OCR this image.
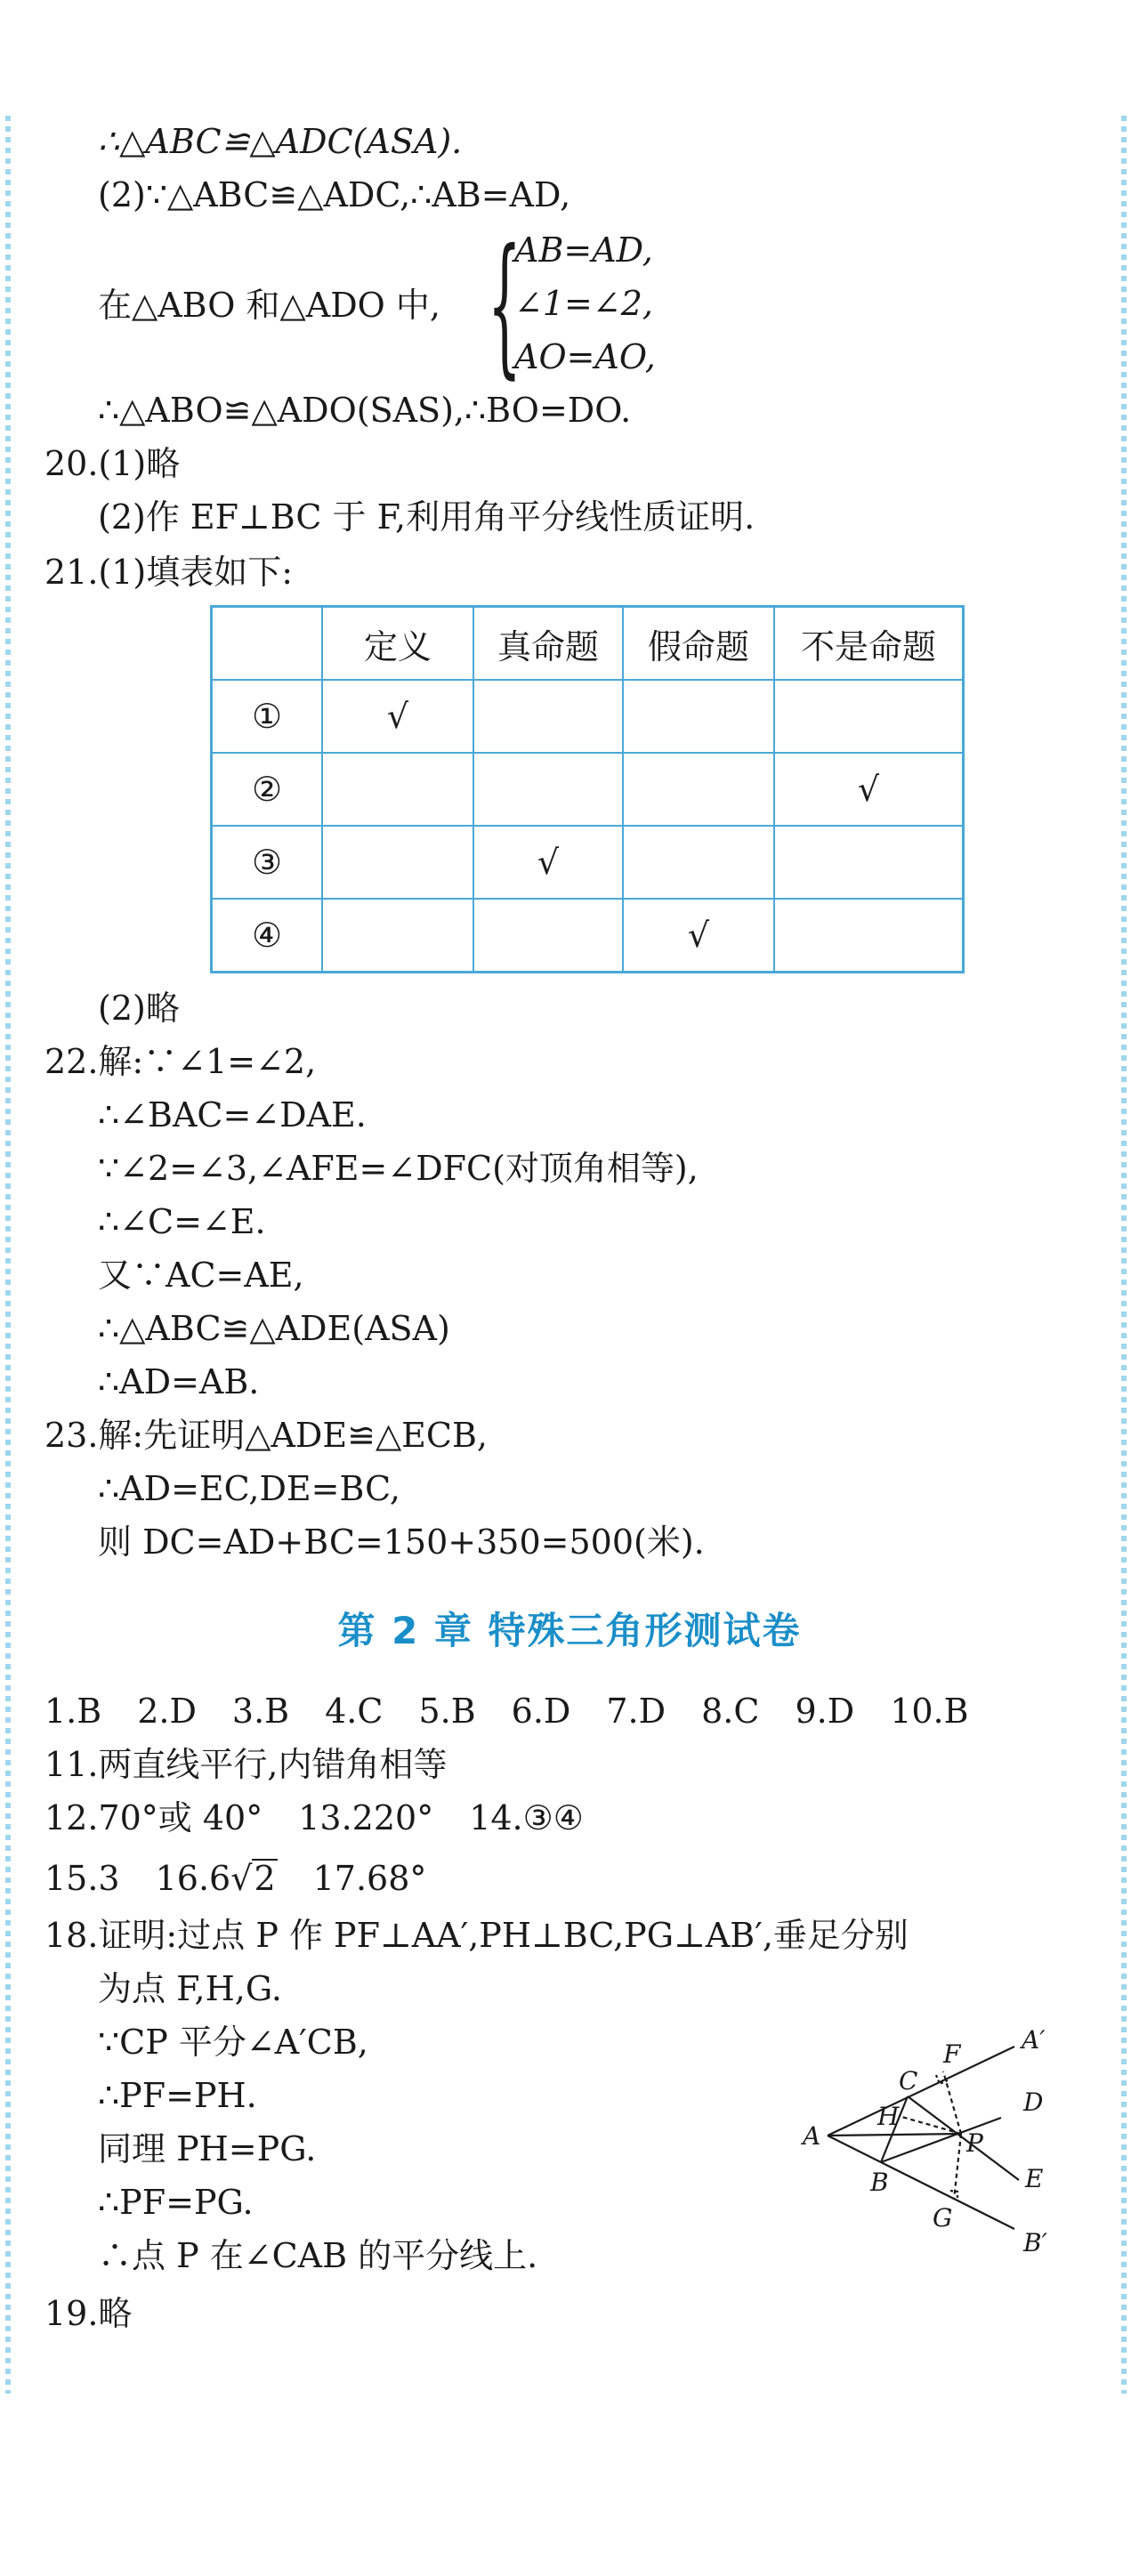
∴△ABC≌△ADC(ASA).
(2)∵△ABC≌△ADC,∴AB=AD,
在△ABO 和△ADO 中, {
AB=AD,
∠1=∠2,
AO=AO,
∴△ABO≌△ADO(SAS),∴BO=DO.
20.(1)略
(2)作 EF⊥BC 于 F,利用角平分线性质证明.
21.(1)填表如下:
	定义	真命题	假命题	不是命题
①	√			
②				√
③		√		
④			√	
(2)略
22.解:∵∠1=∠2,
∴∠BAC=∠DAE.
∵∠2=∠3,∠AFE=∠DFC(对顶角相等),
∴∠C=∠E.
又∵AC=AE,
∴△ABC≌△ADE(ASA)
∴AD=AB.
23.解:先证明△ADE≌△ECB,
∴AD=EC,DE=BC,
则 DC=AD+BC=150+350=500(米).
第 2 章 特殊三角形测试卷
1.B 2.D 3.B 4.C 5.B 6.D 7.D 8.C 9.D 10.B
11.两直线平行,内错角相等
12.70°或 40° 13.220° 14.③④
15.3 16.6√2 17.68°
18.证明:过点 P 作 PF⊥AA′,PH⊥BC,PG⊥AB′,垂足分别
为点 F,H,G.
∵CP 平分∠A′CB,
∴PF=PH.
同理 PH=PG.
∴PF=PG.
∴点 P 在∠CAB 的平分线上.
19.略
A
B
C
F A′
D
H
P
E
G
B′
